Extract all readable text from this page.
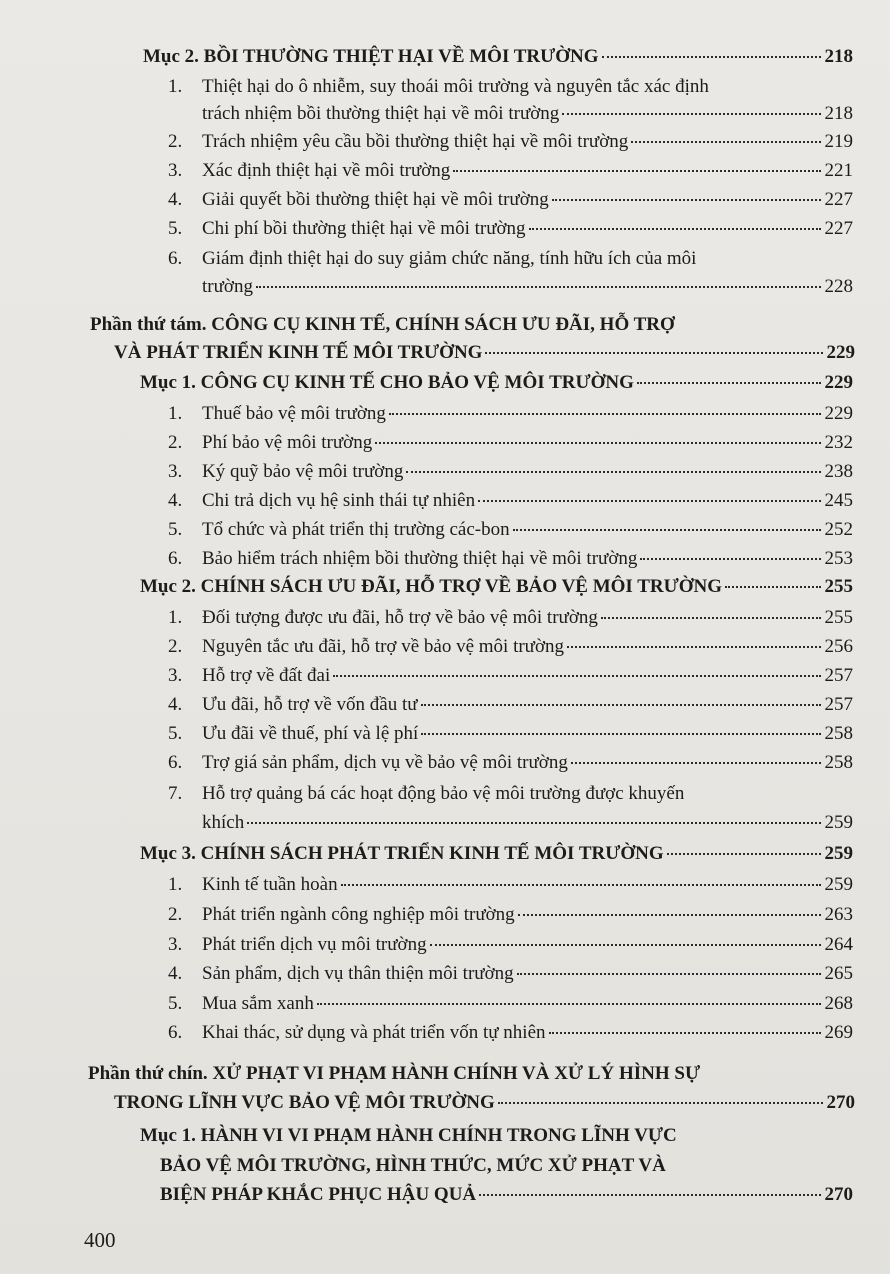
Mục 2. BỒI THƯỜNG THIỆT HẠI VỀ MÔI TRƯỜNG	218
1. Thiệt hại do ô nhiễm, suy thoái môi trường và nguyên tắc xác định
trách nhiệm bồi thường thiệt hại về môi trường	218
2. Trách nhiệm yêu cầu bồi thường thiệt hại về môi trường	219
3. Xác định thiệt hại về môi trường	221
4. Giải quyết bồi thường thiệt hại về môi trường	227
5. Chi phí bồi thường thiệt hại về môi trường	227
6. Giám định thiệt hại do suy giảm chức năng, tính hữu ích của môi
trường	228
Phần thứ tám. CÔNG CỤ KINH TẾ, CHÍNH SÁCH ƯU ĐÃI, HỖ TRỢ
VÀ PHÁT TRIỂN KINH TẾ MÔI TRƯỜNG	229
Mục 1. CÔNG CỤ KINH TẾ CHO BẢO VỆ MÔI TRƯỜNG	229
1. Thuế bảo vệ môi trường	229
2. Phí bảo vệ môi trường	232
3. Ký quỹ bảo vệ môi trường	238
4. Chi trả dịch vụ hệ sinh thái tự nhiên	245
5. Tổ chức và phát triển thị trường các-bon	252
6. Bảo hiểm trách nhiệm bồi thường thiệt hại về môi trường	253
Mục 2. CHÍNH SÁCH ƯU ĐÃI, HỖ TRỢ VỀ BẢO VỆ MÔI TRƯỜNG	255
1. Đối tượng được ưu đãi, hỗ trợ về bảo vệ môi trường	255
2. Nguyên tắc ưu đãi, hỗ trợ về bảo vệ môi trường	256
3. Hỗ trợ về đất đai	257
4. Ưu đãi, hỗ trợ về vốn đầu tư	257
5. Ưu đãi về thuế, phí và lệ phí	258
6. Trợ giá sản phẩm, dịch vụ về bảo vệ môi trường	258
7. Hỗ trợ quảng bá các hoạt động bảo vệ môi trường được khuyến
khích	259
Mục 3. CHÍNH SÁCH PHÁT TRIỂN KINH TẾ MÔI TRƯỜNG	259
1. Kinh tế tuần hoàn	259
2. Phát triển ngành công nghiệp môi trường	263
3. Phát triển dịch vụ môi trường	264
4. Sản phẩm, dịch vụ thân thiện môi trường	265
5. Mua sắm xanh	268
6. Khai thác, sử dụng và phát triển vốn tự nhiên	269
Phần thứ chín. XỬ PHẠT VI PHẠM HÀNH CHÍNH VÀ XỬ LÝ HÌNH SỰ
TRONG LĨNH VỰC BẢO VỆ MÔI TRƯỜNG	270
Mục 1. HÀNH VI VI PHẠM HÀNH CHÍNH TRONG LĨNH VỰC
BẢO VỆ MÔI TRƯỜNG, HÌNH THỨC, MỨC XỬ PHẠT VÀ
BIỆN PHÁP KHẮC PHỤC HẬU QUẢ	270
400
